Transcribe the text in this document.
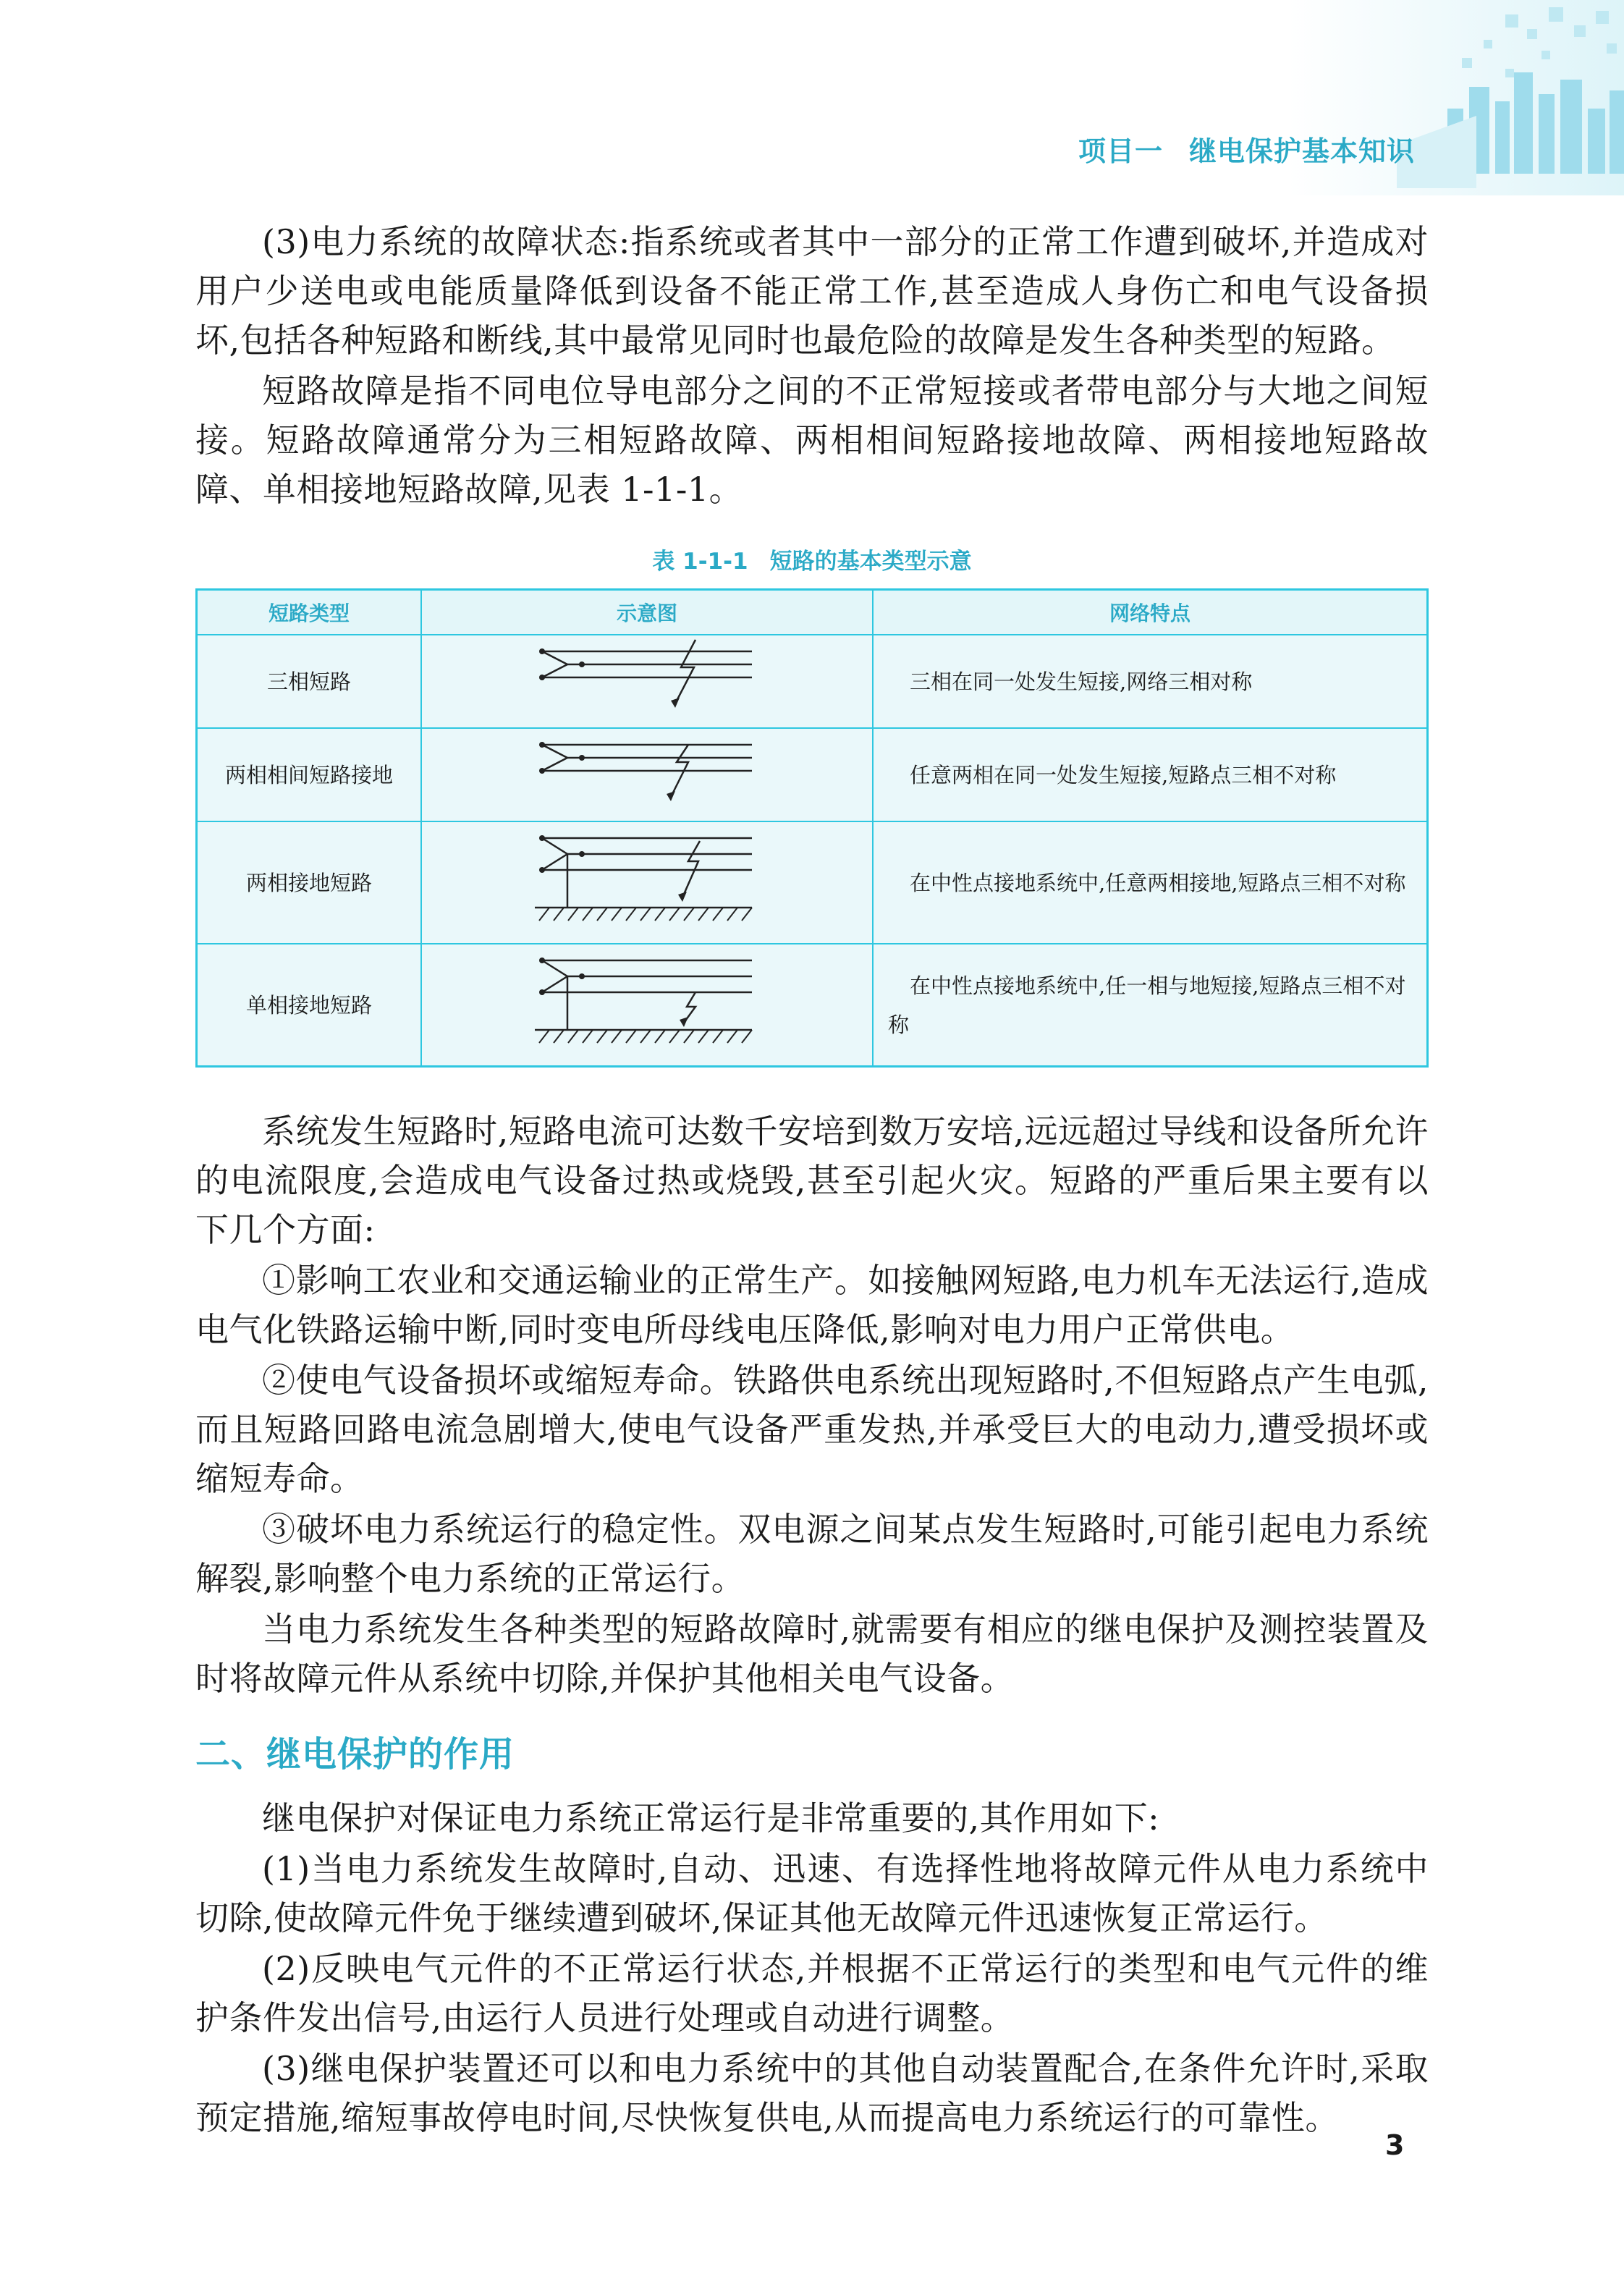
项目一 继电保护基本知识

(3)电力系统的故障状态:指系统或者其中一部分的正常工作遭到破坏,并造成对用户少送电或电能质量降低到设备不能正常工作,甚至造成人身伤亡和电气设备损坏,包括各种短路和断线,其中最常见同时也最危险的故障是发生各种类型的短路。

短路故障是指不同电位导电部分之间的不正常短接或者带电部分与大地之间短接。短路故障通常分为三相短路故障、两相相间短路接地故障、两相接地短路故障、单相接地短路故障,见表 1-1-1。

表 1-1-1 短路的基本类型示意
短路类型	示意图	网络特点
三相短路		三相在同一处发生短接,网络三相对称
两相相间短路接地		任意两相在同一处发生短接,短路点三相不对称
两相接地短路		在中性点接地系统中,任意两相接地,短路点三相不对称
单相接地短路		在中性点接地系统中,任一相与地短接,短路点三相不对称

系统发生短路时,短路电流可达数千安培到数万安培,远远超过导线和设备所允许的电流限度,会造成电气设备过热或烧毁,甚至引起火灾。短路的严重后果主要有以下几个方面:

①影响工农业和交通运输业的正常生产。如接触网短路,电力机车无法运行,造成电气化铁路运输中断,同时变电所母线电压降低,影响对电力用户正常供电。

②使电气设备损坏或缩短寿命。铁路供电系统出现短路时,不但短路点产生电弧,而且短路回路电流急剧增大,使电气设备严重发热,并承受巨大的电动力,遭受损坏或缩短寿命。

③破坏电力系统运行的稳定性。双电源之间某点发生短路时,可能引起电力系统解裂,影响整个电力系统的正常运行。

当电力系统发生各种类型的短路故障时,就需要有相应的继电保护及测控装置及时将故障元件从系统中切除,并保护其他相关电气设备。

二、继电保护的作用

继电保护对保证电力系统正常运行是非常重要的,其作用如下:

(1)当电力系统发生故障时,自动、迅速、有选择性地将故障元件从电力系统中切除,使故障元件免于继续遭到破坏,保证其他无故障元件迅速恢复正常运行。

(2)反映电气元件的不正常运行状态,并根据不正常运行的类型和电气元件的维护条件发出信号,由运行人员进行处理或自动进行调整。

(3)继电保护装置还可以和电力系统中的其他自动装置配合,在条件允许时,采取预定措施,缩短事故停电时间,尽快恢复供电,从而提高电力系统运行的可靠性。

3
